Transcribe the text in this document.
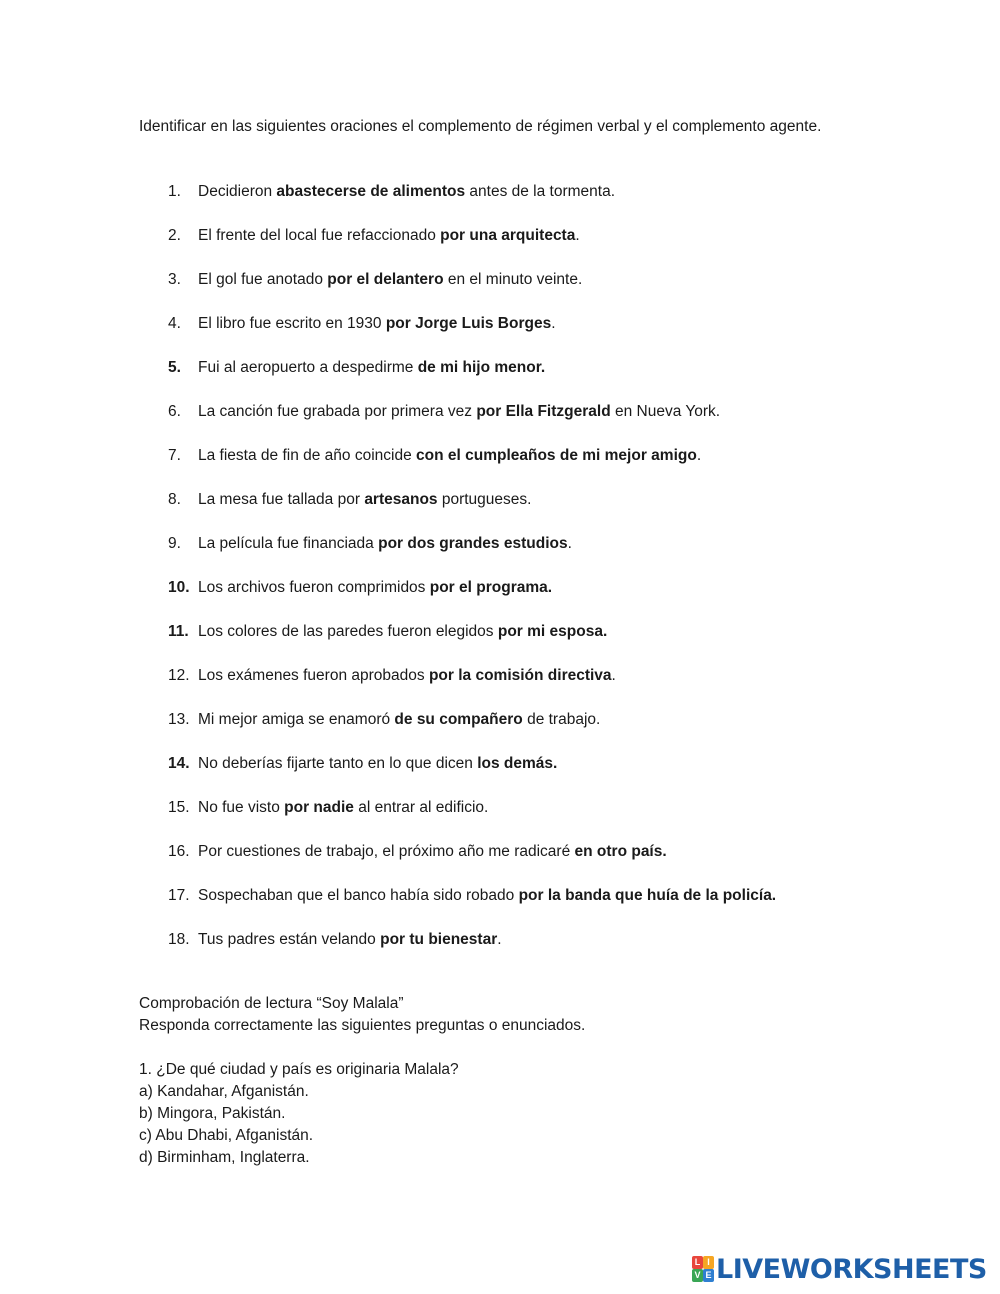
Identificar en las siguientes oraciones el complemento de régimen verbal y el complemento agente.
1.	Decidieron abastecerse de alimentos antes de la tormenta.
2.	El frente del local fue refaccionado por una arquitecta.
3.	El gol fue anotado por el delantero en el minuto veinte.
4.	El libro fue escrito en 1930 por Jorge Luis Borges.
5.	Fui al aeropuerto a despedirme de mi hijo menor.
6.	La canción fue grabada por primera vez por Ella Fitzgerald en Nueva York.
7.	La fiesta de fin de año coincide con el cumpleaños de mi mejor amigo.
8.	La mesa fue tallada por artesanos portugueses.
9.	La película fue financiada por dos grandes estudios.
10. Los archivos fueron comprimidos por el programa.
11. Los colores de las paredes fueron elegidos por mi esposa.
12. Los exámenes fueron aprobados por la comisión directiva.
13. Mi mejor amiga se enamoró de su compañero de trabajo.
14. No deberías fijarte tanto en lo que dicen los demás.
15. No fue visto por nadie al entrar al edificio.
16. Por cuestiones de trabajo, el próximo año me radicaré en otro país.
17. Sospechaban que el banco había sido robado por la banda que huía de la policía.
18. Tus padres están velando por tu bienestar.
Comprobación de lectura “Soy Malala”
Responda correctamente las siguientes preguntas o enunciados.
1. ¿De qué ciudad y país es originaria Malala?
a) Kandahar, Afganistán.
b) Mingora, Pakistán.
c) Abu Dhabi, Afganistán.
d) Birminham, Inglaterra.
L I
V E LIVEWORKSHEETS
